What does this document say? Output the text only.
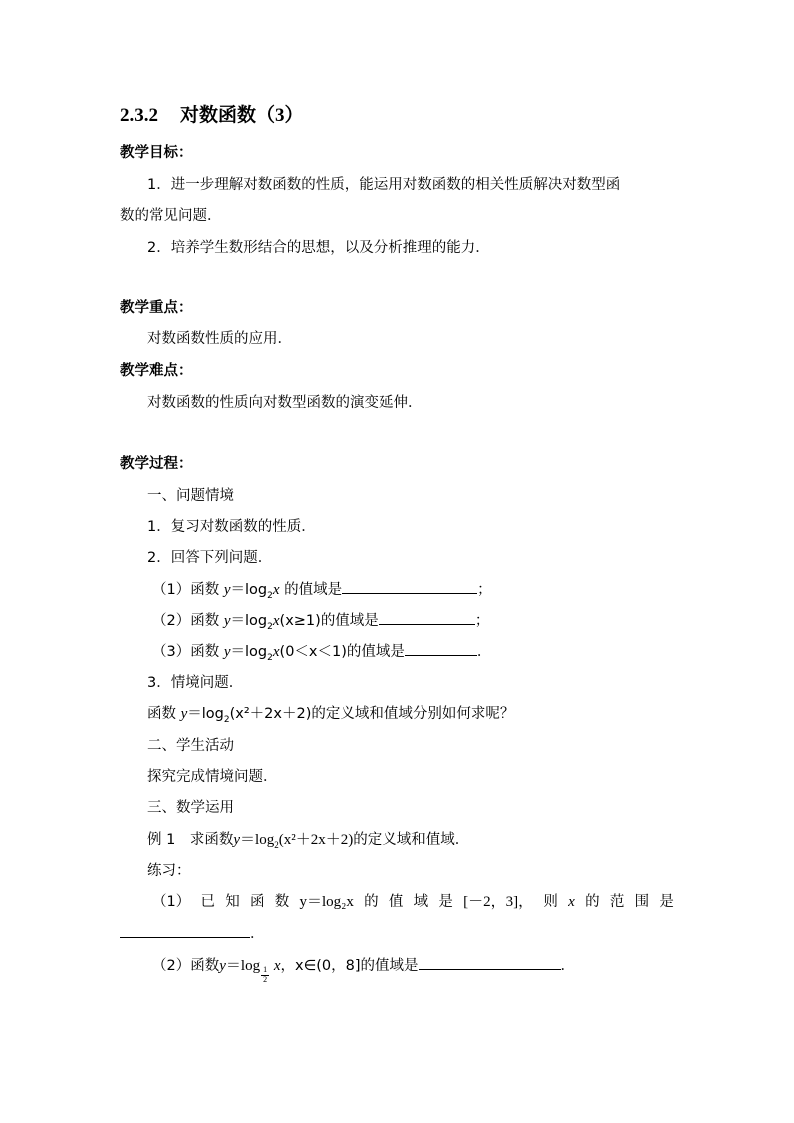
2.3.2 对数函数（3）
教学目标：
1．进一步理解对数函数的性质，能运用对数函数的相关性质解决对数型函
数的常见问题．
2．培养学生数形结合的思想，以及分析推理的能力．
教学重点：
对数函数性质的应用．
教学难点：
对数函数的性质向对数型函数的演变延伸．
教学过程：
一、问题情境
1．复习对数函数的性质．
2．回答下列问题．
（1）函数 $y=\log_2x$ 的值域是	；
（2）函数 $y=\log_2x(x\ge 1)$的值域是	；
（3）函数 $y=\log_2x(0<x<1)$的值域是	．
3．情境问题．
函数 $y=\log_2(x^2+2x+2)$的定义域和值域分别如何求呢？
二、学生活动
探究完成情境问题．
三、数学运用
例 1　求函数$y=\log_2(x^2+2x+2)$的定义域和值域．
练习：
（1） 已 知 函 数 y＝log₂x 的 值 域 是 [－2，3]， 则 x 的 范 围 是
．
（2）函数$y=\log \frac{1}{2}$ x，x∈(0，8]的值域是	．
